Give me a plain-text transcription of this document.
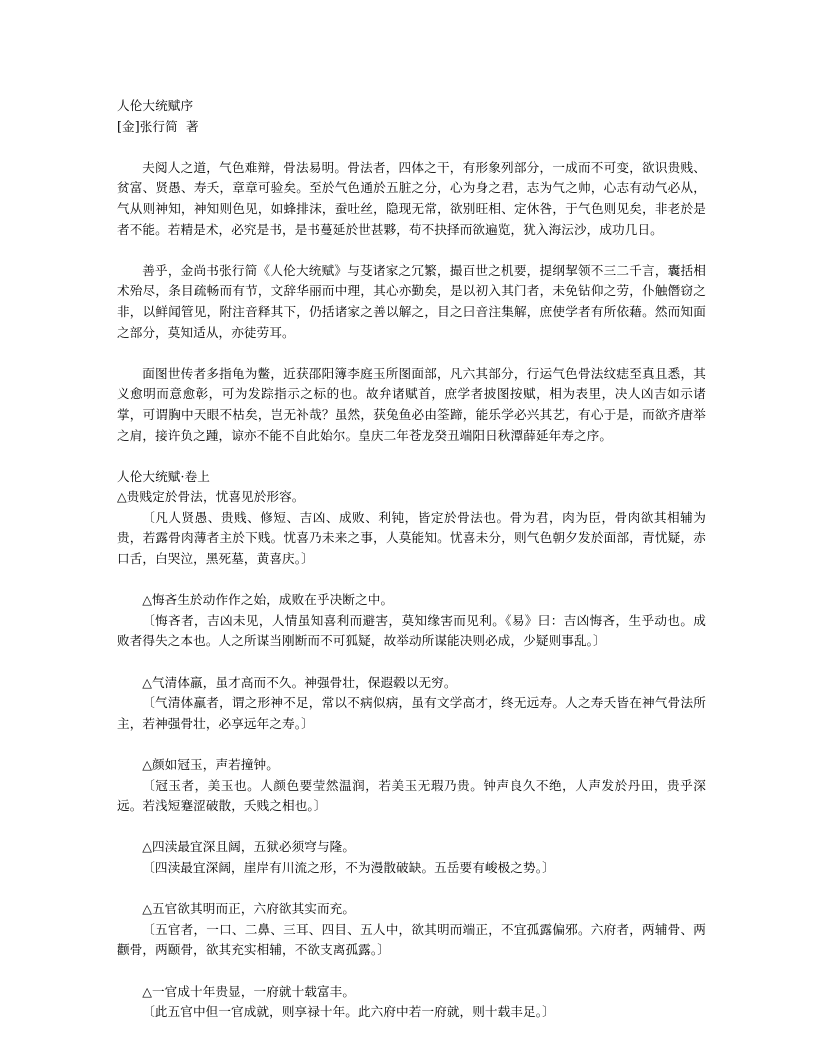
人伦大统赋序
[金]张行简  著

夫阅人之道，气色难辩，骨法易明。骨法者，四体之干，有形象列部分，一成而不可变，欲识贵贱、贫富、贤愚、寿夭，章章可验矣。至於气色通於五脏之分，心为身之君，志为气之帅，心志有动气必从，气从则神知，神知则色见，如蜂排沫，蚕吐丝，隐现无常，欲别旺相、定休咎，于气色则见矣，非老於是者不能。若精是术，必究是书，是书蔓延於世甚夥，苟不抉择而欲遍览，犹入海沄沙，成功几日。

善乎，金尚书张行简《人伦大统赋》与芟诸家之冗繁，撮百世之机要，提纲挈领不三二千言，囊括相术殆尽，条目疏畅而有节，文辞华丽而中理，其心亦勤矣，是以初入其门者，未免钻仰之劳，仆触僭窃之非，以鲜闻管见，附注音释其下，仍括诸家之善以解之，目之曰音注集解，庶使学者有所依藉。然而知面之部分，莫知适从，亦徒劳耳。

面图世传者多指龟为鳖，近获邵阳簿李庭玉所图面部，凡六其部分，行运气色骨法纹痣至真且悉，其义愈明而意愈彰，可为发踪指示之标的也。故弁诸赋首，庶学者披图按赋，相为表里，决人凶吉如示诸掌，可谓胸中天眼不枯矣，岂无补哉？虽然，获兔鱼必由筌蹄，能乐学必兴其艺，有心于是，而欲齐唐举之肩，接许负之踵，谅亦不能不自此始尔。皇庆二年苍龙癸丑端阳日秋潭薛延年寿之序。

人伦大统赋·卷上
△贵贱定於骨法，忧喜见於形容。
〔凡人贤愚、贵贱、修短、吉凶、成败、利钝，皆定於骨法也。骨为君，肉为臣，骨肉欲其相辅为贵，若露骨肉薄者主於下贱。忧喜乃未来之事，人莫能知。忧喜未分，则气色朝夕发於面部，青忧疑，赤口舌，白哭泣，黑死墓，黄喜庆。〕
△悔吝生於动作作之始，成败在乎决断之中。
〔悔吝者，吉凶未见，人情虽知喜利而避害，莫知缘害而见利。《易》曰：吉凶悔吝，生乎动也。成败者得失之本也。人之所谋当刚断而不可狐疑，故举动所谋能决则必成，少疑则事乱。〕
△气清体羸，虽才高而不久。神强骨壮，保遐毂以无穷。
〔气清体羸者，谓之形神不足，常以不病似病，虽有文学高才，终无远寿。人之寿夭皆在神气骨法所主，若神强骨壮，必享远年之寿。〕
△颜如冠玉，声若撞钟。
〔冠玉者，美玉也。人颜色要莹然温润，若美玉无瑕乃贵。钟声良久不绝，人声发於丹田，贵乎深远。若浅短蹇涩破散，夭贱之相也。〕
△四渎最宜深且阔，五狱必须穹与隆。
〔四渎最宜深阔，崖岸有川流之形，不为漫散破缺。五岳要有峻极之势。〕
△五官欲其明而正，六府欲其实而充。
〔五官者，一口、二鼻、三耳、四目、五人中，欲其明而端正，不宜孤露偏邪。六府者，两辅骨、两颧骨，两颐骨，欲其充实相辅，不欲支离孤露。〕
△一官成十年贵显，一府就十载富丰。
〔此五官中但一官成就，则享禄十年。此六府中若一府就，则十载丰足。〕
